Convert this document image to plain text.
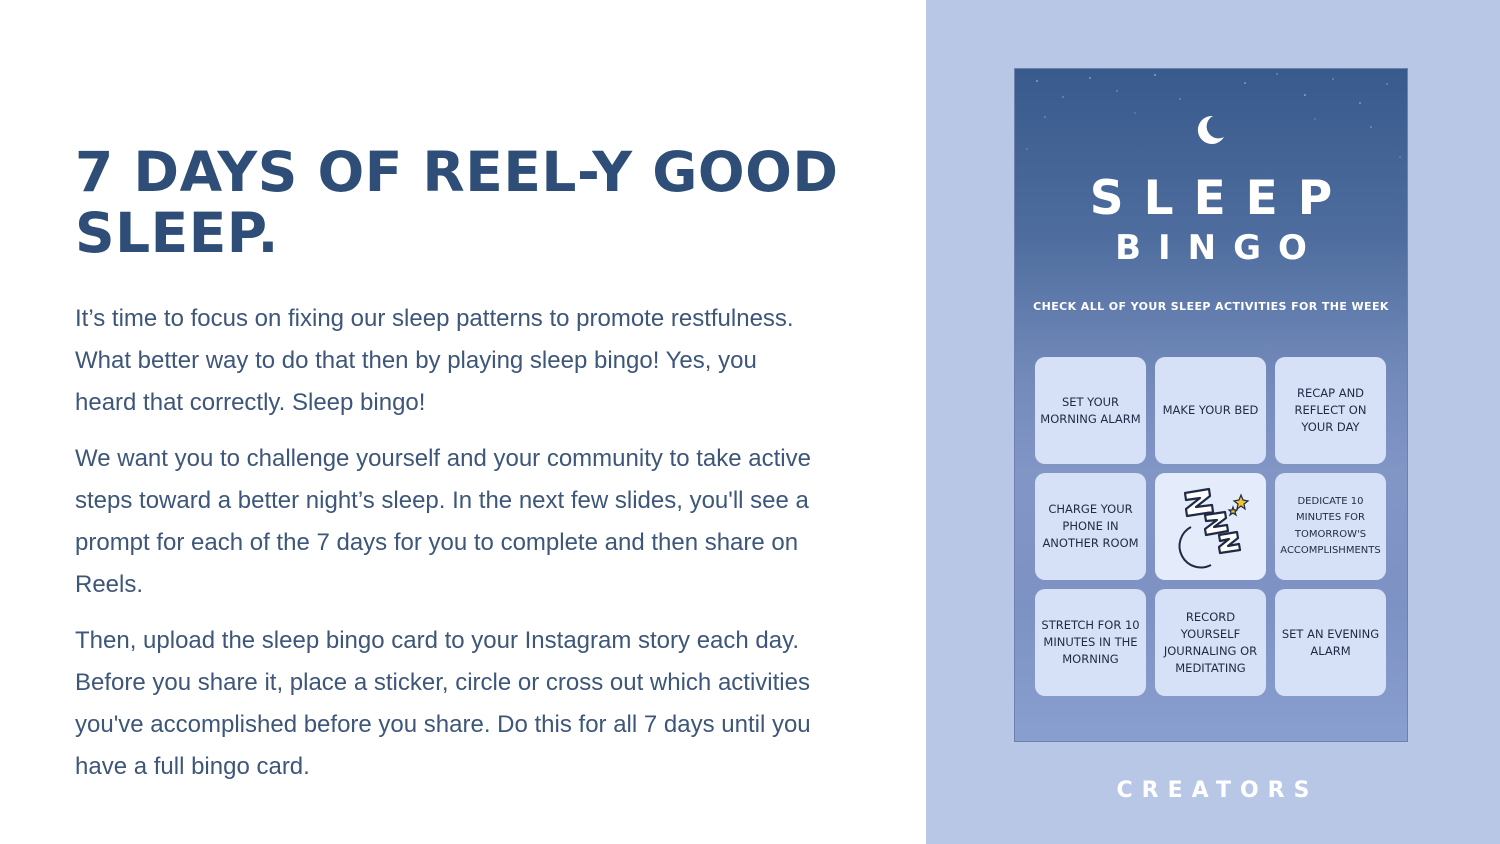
7 DAYS OF REEL-Y GOOD SLEEP.

It’s time to focus on fixing our sleep patterns to promote restfulness. What better way to do that then by playing sleep bingo! Yes, you heard that correctly. Sleep bingo!

We want you to challenge yourself and your community to take active steps toward a better night’s sleep. In the next few slides, you'll see a prompt for each of the 7 days for you to complete and then share on Reels.

Then, upload the sleep bingo card to your Instagram story each day. Before you share it, place a sticker, circle or cross out which activities you've accomplished before you share. Do this for all 7 days until you have a full bingo card.

SLEEP
BINGO
CHECK ALL OF YOUR SLEEP ACTIVITIES FOR THE WEEK
SET YOUR MORNING ALARM
MAKE YOUR BED
RECAP AND REFLECT ON YOUR DAY
CHARGE YOUR PHONE IN ANOTHER ROOM
DEDICATE 10 MINUTES FOR TOMORROW'S ACCOMPLISHMENTS
STRETCH FOR 10 MINUTES IN THE MORNING
RECORD YOURSELF JOURNALING OR MEDITATING
SET AN EVENING ALARM
CREATORS
